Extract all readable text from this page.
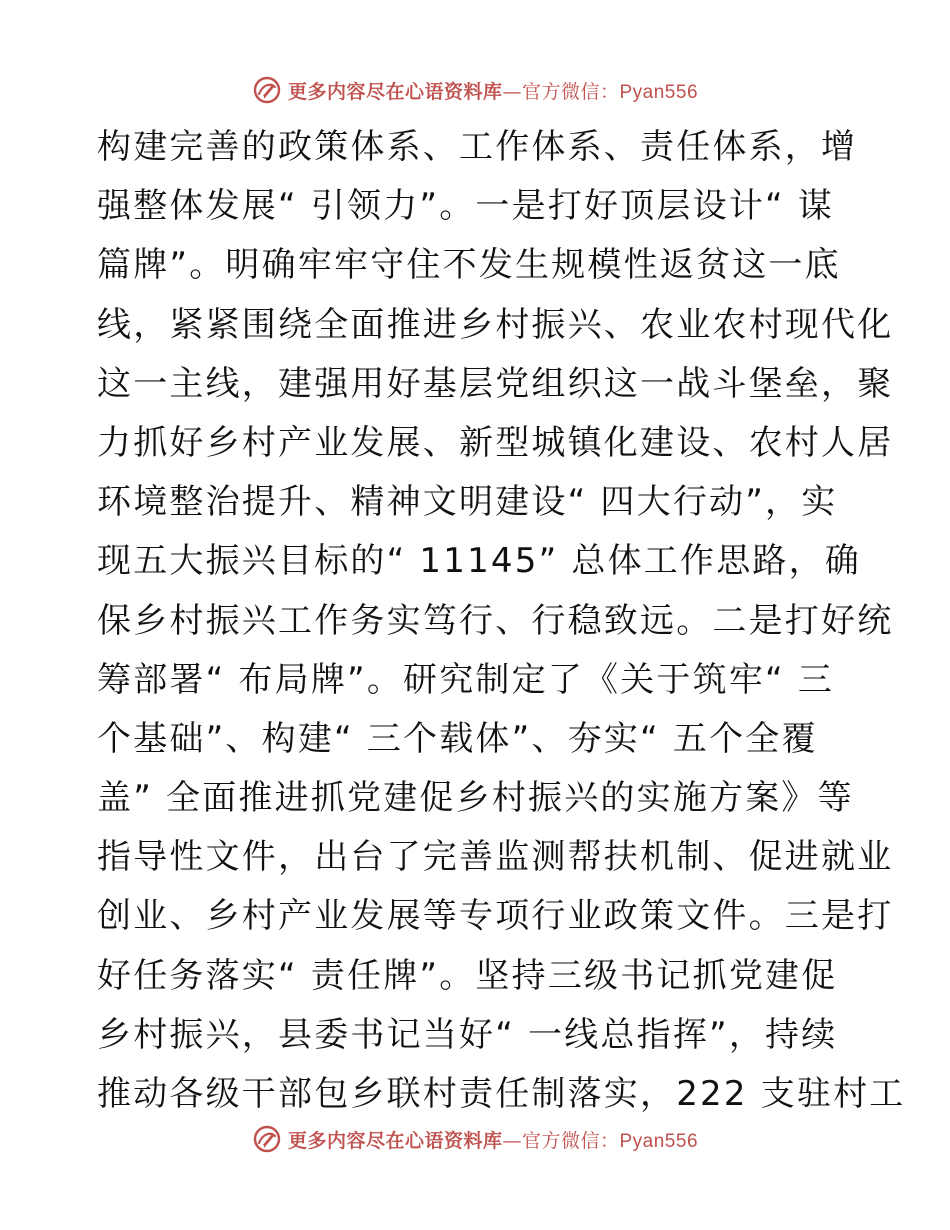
更多内容尽在心语资料库—官方微信：Pyan556
构建完善的政策体系、工作体系、责任体系，增
强整体发展“ 引领力”。一是打好顶层设计“ 谋
篇牌”。明确牢牢守住不发生规模性返贫这一底
线，紧紧围绕全面推进乡村振兴、农业农村现代化
这一主线，建强用好基层党组织这一战斗堡垒，聚
力抓好乡村产业发展、新型城镇化建设、农村人居
环境整治提升、精神文明建设“ 四大行动”，实
现五大振兴目标的“ 11145” 总体工作思路，确
保乡村振兴工作务实笃行、行稳致远。二是打好统
筹部署“ 布局牌”。研究制定了《关于筑牢“ 三
个基础”、构建“ 三个载体”、夯实“ 五个全覆
盖” 全面推进抓党建促乡村振兴的实施方案》等
指导性文件，出台了完善监测帮扶机制、促进就业
创业、乡村产业发展等专项行业政策文件。三是打
好任务落实“ 责任牌”。坚持三级书记抓党建促
乡村振兴，县委书记当好“ 一线总指挥”，持续
推动各级干部包乡联村责任制落实，222 支驻村工
更多内容尽在心语资料库—官方微信：Pyan556
